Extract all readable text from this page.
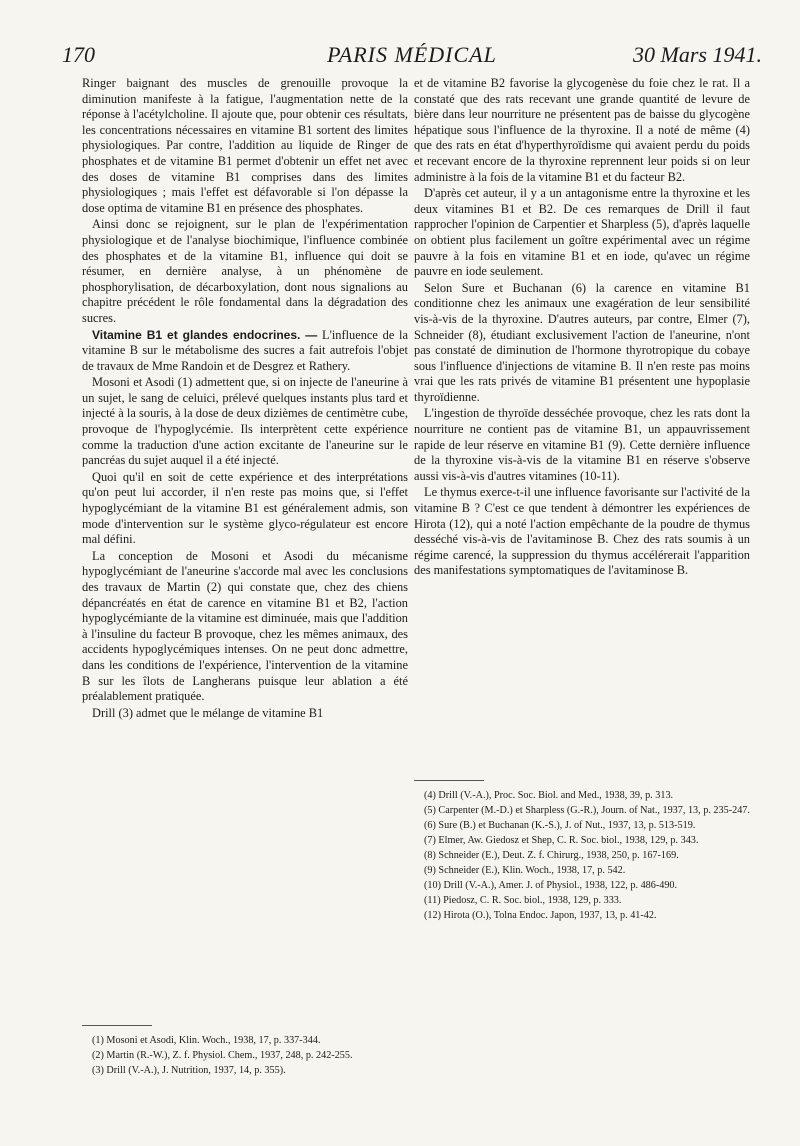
170	PARIS MÉDICAL	30 Mars 1941.

Ringer baignant des muscles de grenouille provoque la diminution manifeste à la fatigue, l'augmentation nette de la réponse à l'acétylcholine. Il ajoute que, pour obtenir ces résultats, les concentrations nécessaires en vitamine B1 sortent des limites physiologiques. Par contre, l'addition au liquide de Ringer de phosphates et de vitamine B1 permet d'obtenir un effet net avec des doses de vitamine B1 comprises dans des limites physiologiques ; mais l'effet est défavorable si l'on dépasse la dose optima de vitamine B1 en présence des phosphates.

Ainsi donc se rejoignent, sur le plan de l'expérimentation physiologique et de l'analyse biochimique, l'influence combinée des phosphates et de la vitamine B1, influence qui doit se résumer, en dernière analyse, à un phénomène de phosphorylisation, de décarboxylation, dont nous signalions au chapitre précédent le rôle fondamental dans la dégradation des sucres.

Vitamine B1 et glandes endocrines. — L'influence de la vitamine B sur le métabolisme des sucres a fait autrefois l'objet de travaux de Mme Randoin et de Desgrez et Rathery.

Mosoni et Asodi (1) admettent que, si on injecte de l'aneurine à un sujet, le sang de celuici, prélevé quelques instants plus tard et injecté à la souris, à la dose de deux dizièmes de centimètre cube, provoque de l'hypoglycémie. Ils interprètent cette expérience comme la traduction d'une action excitante de l'aneurine sur le pancréas du sujet auquel il a été injecté.

Quoi qu'il en soit de cette expérience et des interprétations qu'on peut lui accorder, il n'en reste pas moins que, si l'effet hypoglycémiant de la vitamine B1 est généralement admis, son mode d'intervention sur le système glyco-régulateur est encore mal défini.

La conception de Mosoni et Asodi du mécanisme hypoglycémiant de l'aneurine s'accorde mal avec les conclusions des travaux de Martin (2) qui constate que, chez des chiens dépancréatés en état de carence en vitamine B1 et B2, l'action hypoglycémiante de la vitamine est diminuée, mais que l'addition à l'insuline du facteur B provoque, chez les mêmes animaux, des accidents hypoglycémiques intenses. On ne peut donc admettre, dans les conditions de l'expérience, l'intervention de la vitamine B sur les îlots de Langherans puisque leur ablation a été préalablement pratiquée.

Drill (3) admet que le mélange de vitamine B1

(1) Mosoni et Asodi, Klin. Woch., 1938, 17, p. 337-344.
(2) Martin (R.-W.), Z. f. Physiol. Chem., 1937, 248, p. 242-255.
(3) Drill (V.-A.), J. Nutrition, 1937, 14, p. 355).

et de vitamine B2 favorise la glycogenèse du foie chez le rat. Il a constaté que des rats recevant une grande quantité de levure de bière dans leur nourriture ne présentent pas de baisse du glycogène hépatique sous l'influence de la thyroxine. Il a noté de même (4) que des rats en état d'hyperthyroïdisme qui avaient perdu du poids et recevant encore de la thyroxine reprennent leur poids si on leur administre à la fois de la vitamine B1 et du facteur B2.

D'après cet auteur, il y a un antagonisme entre la thyroxine et les deux vitamines B1 et B2. De ces remarques de Drill il faut rapprocher l'opinion de Carpentier et Sharpless (5), d'après laquelle on obtient plus facilement un goître expérimental avec un régime pauvre à la fois en vitamine B1 et en iode, qu'avec un régime pauvre en iode seulement.

Selon Sure et Buchanan (6) la carence en vitamine B1 conditionne chez les animaux une exagération de leur sensibilité vis-à-vis de la thyroxine. D'autres auteurs, par contre, Elmer (7), Schneider (8), étudiant exclusivement l'action de l'aneurine, n'ont pas constaté de diminution de l'hormone thyrotropique du cobaye sous l'influence d'injections de vitamine B. Il n'en reste pas moins vrai que les rats privés de vitamine B1 présentent une hypoplasie thyroïdienne.

L'ingestion de thyroïde desséchée provoque, chez les rats dont la nourriture ne contient pas de vitamine B1, un appauvrissement rapide de leur réserve en vitamine B1 (9). Cette dernière influence de la thyroxine vis-à-vis de la vitamine B1 en réserve s'observe aussi vis-à-vis d'autres vitamines (10-11).

Le thymus exerce-t-il une influence favorisante sur l'activité de la vitamine B ? C'est ce que tendent à démontrer les expériences de Hirota (12), qui a noté l'action empêchante de la poudre de thymus desséché vis-à-vis de l'avitaminose B. Chez des rats soumis à un régime carencé, la suppression du thymus accélérerait l'apparition des manifestations symptomatiques de l'avitaminose B.

(4) Drill (V.-A.), Proc. Soc. Biol. and Med., 1938, 39, p. 313.
(5) Carpenter (M.-D.) et Sharpless (G.-R.), Journ. of Nat., 1937, 13, p. 235-247.
(6) Sure (B.) et Buchanan (K.-S.), J. of Nut., 1937, 13, p. 513-519.
(7) Elmer, Aw. Giedosz et Shep, C. R. Soc. biol., 1938, 129, p. 343.
(8) Schneider (E.), Deut. Z. f. Chirurg., 1938, 250, p. 167-169.
(9) Schneider (E.), Klin. Woch., 1938, 17, p. 542.
(10) Drill (V.-A.), Amer. J. of Physiol., 1938, 122, p. 486-490.
(11) Piedosz, C. R. Soc. biol., 1938, 129, p. 333.
(12) Hirota (O.), Tolna Endoc. Japon, 1937, 13, p. 41-42.
